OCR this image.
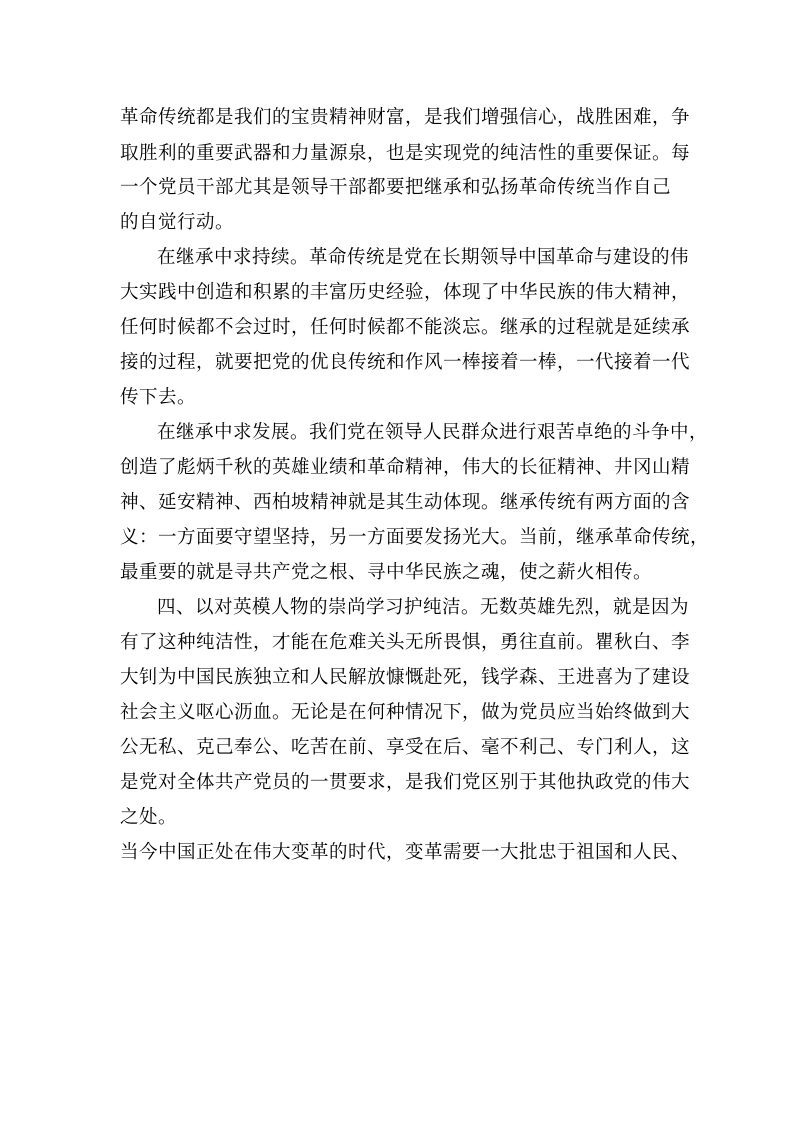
革命传统都是我们的宝贵精神财富，是我们增强信心，战胜困难，争
取胜利的重要武器和力量源泉，也是实现党的纯洁性的重要保证。每
一个党员干部尤其是领导干部都要把继承和弘扬革命传统当作自己
的自觉行动。
在继承中求持续。革命传统是党在长期领导中国革命与建设的伟
大实践中创造和积累的丰富历史经验，体现了中华民族的伟大精神，
任何时候都不会过时，任何时候都不能淡忘。继承的过程就是延续承
接的过程，就要把党的优良传统和作风一棒接着一棒，一代接着一代
传下去。
在继承中求发展。我们党在领导人民群众进行艰苦卓绝的斗争中，
创造了彪炳千秋的英雄业绩和革命精神，伟大的长征精神、井冈山精
神、延安精神、西柏坡精神就是其生动体现。继承传统有两方面的含
义：一方面要守望坚持，另一方面要发扬光大。当前，继承革命传统，
最重要的就是寻共产党之根、寻中华民族之魂，使之薪火相传。
四、以对英模人物的崇尚学习护纯洁。无数英雄先烈，就是因为
有了这种纯洁性，才能在危难关头无所畏惧，勇往直前。瞿秋白、李
大钊为中国民族独立和人民解放慷慨赴死，钱学森、王进喜为了建设
社会主义呕心沥血。无论是在何种情况下，做为党员应当始终做到大
公无私、克己奉公、吃苦在前、享受在后、毫不利己、专门利人，这
是党对全体共产党员的一贯要求，是我们党区别于其他执政党的伟大
之处。
当今中国正处在伟大变革的时代，变革需要一大批忠于祖国和人民、
